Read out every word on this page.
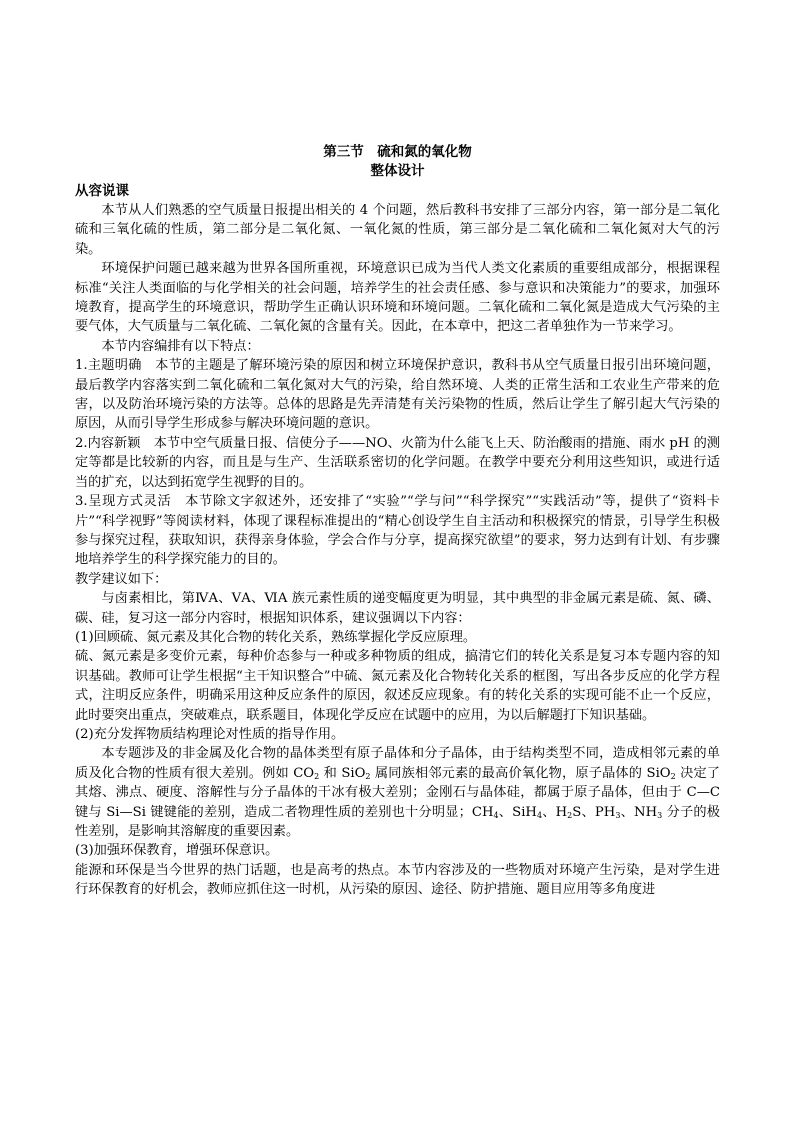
第三节　硫和氮的氧化物
整体设计
从容说课

本节从人们熟悉的空气质量日报提出相关的 4 个问题，然后教科书安排了三部分内容，第一部分是二氧化硫和三氧化硫的性质，第二部分是二氧化氮、一氧化氮的性质，第三部分是二氧化硫和二氧化氮对大气的污染。

环境保护问题已越来越为世界各国所重视，环境意识已成为当代人类文化素质的重要组成部分，根据课程标准“关注人类面临的与化学相关的社会问题，培养学生的社会责任感、参与意识和决策能力”的要求，加强环境教育，提高学生的环境意识，帮助学生正确认识环境和环境问题。二氧化硫和二氧化氮是造成大气污染的主要气体，大气质量与二氧化硫、二氧化氮的含量有关。因此，在本章中，把这二者单独作为一节来学习。

本节内容编排有以下特点：

1.主题明确　本节的主题是了解环境污染的原因和树立环境保护意识，教科书从空气质量日报引出环境问题，最后教学内容落实到二氧化硫和二氧化氮对大气的污染，给自然环境、人类的正常生活和工农业生产带来的危害，以及防治环境污染的方法等。总体的思路是先弄清楚有关污染物的性质，然后让学生了解引起大气污染的原因，从而引导学生形成参与解决环境问题的意识。

2.内容新颖　本节中空气质量日报、信使分子——NO、火箭为什么能飞上天、防治酸雨的措施、雨水 pH 的测定等都是比较新的内容，而且是与生产、生活联系密切的化学问题。在教学中要充分利用这些知识，或进行适当的扩充，以达到拓宽学生视野的目的。

3.呈现方式灵活　本节除文字叙述外，还安排了“实验”“学与问”“科学探究”“实践活动”等，提供了“资料卡片”“科学视野”等阅读材料，体现了课程标准提出的“精心创设学生自主活动和积极探究的情景，引导学生积极参与探究过程，获取知识，获得亲身体验，学会合作与分享，提高探究欲望”的要求，努力达到有计划、有步骤地培养学生的科学探究能力的目的。

教学建议如下：

与卤素相比，第ⅣA、ⅤA、ⅥA 族元素性质的递变幅度更为明显，其中典型的非金属元素是硫、氮、磷、碳、硅，复习这一部分内容时，根据知识体系，建议强调以下内容：

(1)回顾硫、氮元素及其化合物的转化关系，熟练掌握化学反应原理。

硫、氮元素是多变价元素，每种价态参与一种或多种物质的组成，搞清它们的转化关系是复习本专题内容的知识基础。教师可让学生根据“主干知识整合”中硫、氮元素及化合物转化关系的框图，写出各步反应的化学方程式，注明反应条件，明确采用这种反应条件的原因，叙述反应现象。有的转化关系的实现可能不止一个反应，此时要突出重点，突破难点，联系题目，体现化学反应在试题中的应用，为以后解题打下知识基础。

(2)充分发挥物质结构理论对性质的指导作用。

本专题涉及的非金属及化合物的晶体类型有原子晶体和分子晶体，由于结构类型不同，造成相邻元素的单质及化合物的性质有很大差别。例如 $CO_2$ 和 SiO$_2$ 属同族相邻元素的最高价氧化物，原子晶体的 SiO$_2$ 决定了其熔、沸点、硬度、溶解性与分子晶体的干冰有极大差别；金刚石与晶体硅，都属于原子晶体，但由于 C—C 键与 Si—Si 键键能的差别，造成二者物理性质的差别也十分明显；$CH_4$、SiH$_4$、$H_2S$、$PH_3$、$NH_3$ 分子的极性差别，是影响其溶解度的重要因素。

(3)加强环保教育，增强环保意识。

能源和环保是当今世界的热门话题，也是高考的热点。本节内容涉及的一些物质对环境产生污染，是对学生进行环保教育的好机会，教师应抓住这一时机，从污染的原因、途径、防护措施、题目应用等多角度进
